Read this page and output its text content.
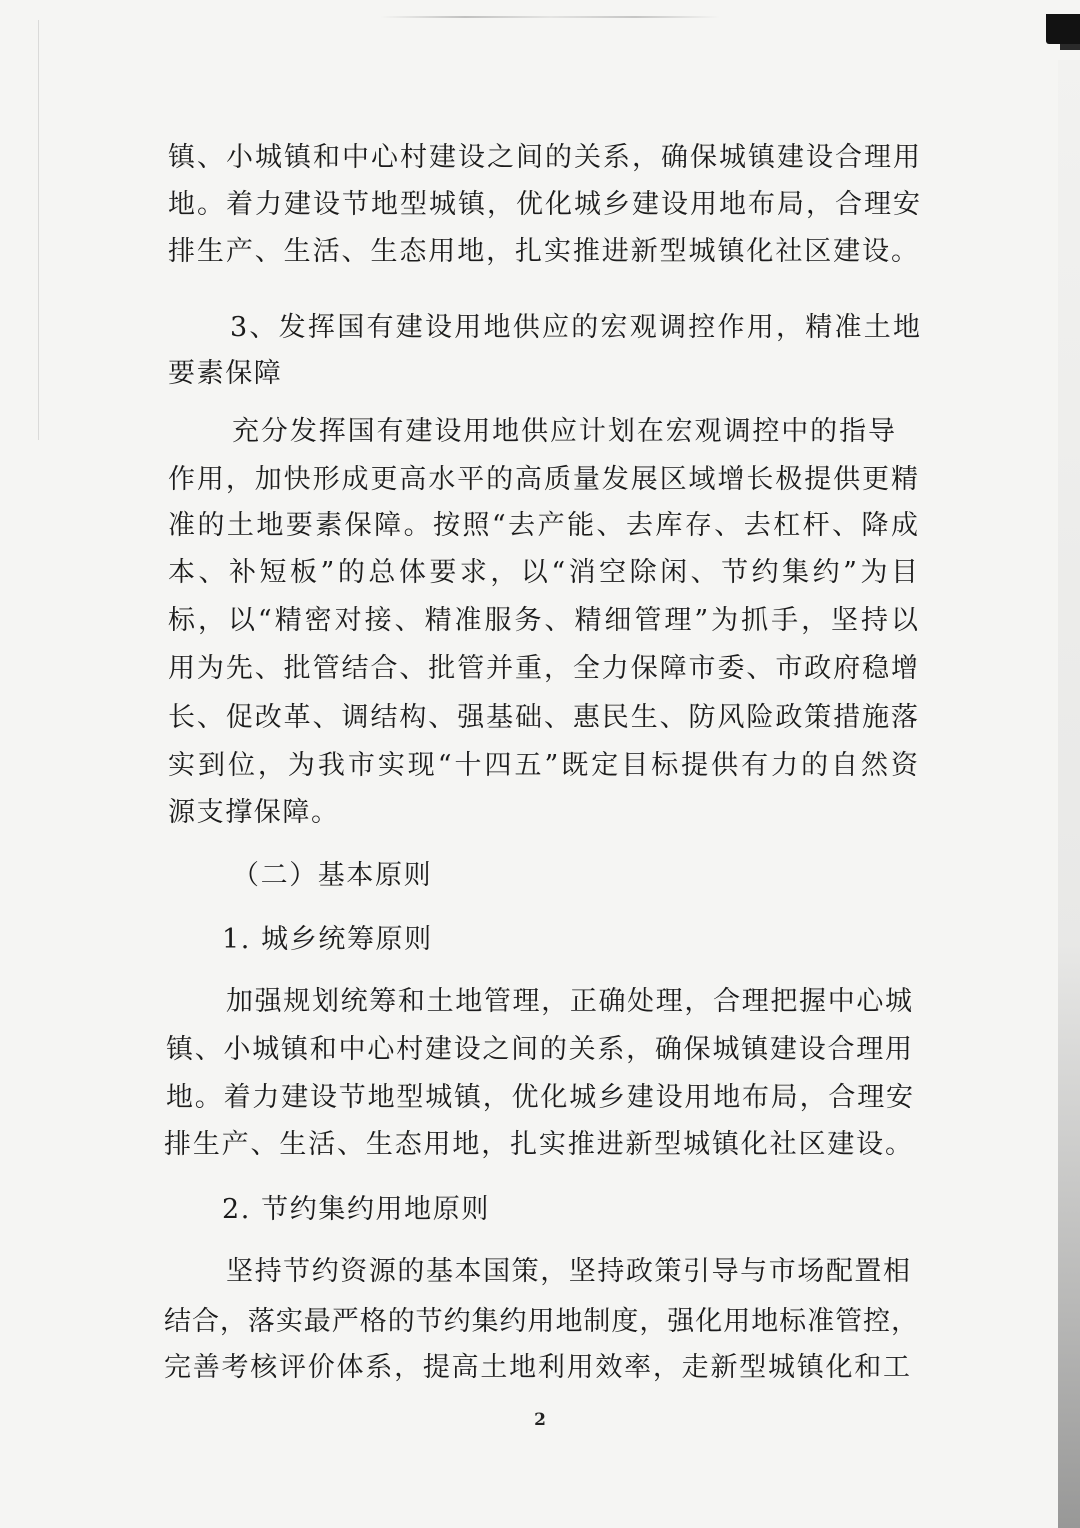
镇、小城镇和中心村建设之间的关系，确保城镇建设合理用
地。着力建设节地型城镇，优化城乡建设用地布局，合理安
排生产、生活、生态用地，扎实推进新型城镇化社区建设。
3、发挥国有建设用地供应的宏观调控作用，精准土地
要素保障
充分发挥国有建设用地供应计划在宏观调控中的指导
作用，加快形成更高水平的高质量发展区域增长极提供更精
准的土地要素保障。按照“去产能、去库存、去杠杆、降成
本、补短板”的总体要求，以“消空除闲、节约集约”为目
标，以“精密对接、精准服务、精细管理”为抓手，坚持以
用为先、批管结合、批管并重，全力保障市委、市政府稳增
长、促改革、调结构、强基础、惠民生、防风险政策措施落
实到位，为我市实现“十四五”既定目标提供有力的自然资
源支撑保障。
（二）基本原则
1. 城乡统筹原则
加强规划统筹和土地管理，正确处理，合理把握中心城
镇、小城镇和中心村建设之间的关系，确保城镇建设合理用
地。着力建设节地型城镇，优化城乡建设用地布局，合理安
排生产、生活、生态用地，扎实推进新型城镇化社区建设。
2. 节约集约用地原则
坚持节约资源的基本国策，坚持政策引导与市场配置相
结合，落实最严格的节约集约用地制度，强化用地标准管控，
完善考核评价体系，提高土地利用效率，走新型城镇化和工
2
